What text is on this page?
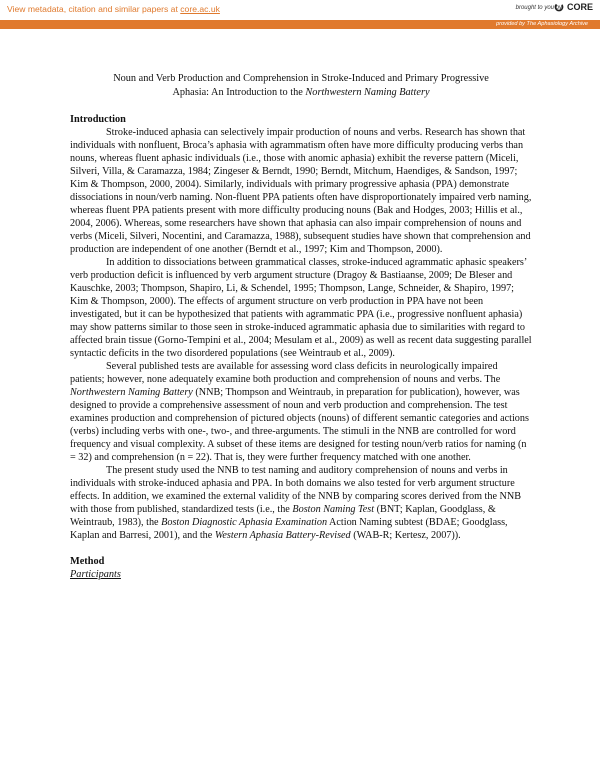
View metadata, citation and similar papers at core.ac.uk	brought to you by CORE
provided by The Aphasiology Archive
Noun and Verb Production and Comprehension in Stroke-Induced and Primary Progressive
Aphasia: An Introduction to the Northwestern Naming Battery
Introduction

Stroke-induced aphasia can selectively impair production of nouns and verbs. Research has shown that individuals with nonfluent, Broca’s aphasia with agrammatism often have more difficulty producing verbs than nouns, whereas fluent aphasic individuals (i.e., those with anomic aphasia) exhibit the reverse pattern (Miceli, Silveri, Villa, & Caramazza, 1984; Zingeser & Berndt, 1990; Berndt, Mitchum, Haendiges, & Sandson, 1997; Kim & Thompson, 2000, 2004). Similarly, individuals with primary progressive aphasia (PPA) demonstrate dissociations in noun/verb naming. Non-fluent PPA patients often have disproportionately impaired verb naming, whereas fluent PPA patients present with more difficulty producing nouns (Bak and Hodges, 2003; Hillis et al., 2004, 2006). Whereas, some researchers have shown that aphasia can also impair comprehension of nouns and verbs (Miceli, Silveri, Nocentini, and Caramazza, 1988), subsequent studies have shown that comprehension and production are independent of one another (Berndt et al., 1997; Kim and Thompson, 2000).

In addition to dissociations between grammatical classes, stroke-induced agrammatic aphasic speakers’ verb production deficit is influenced by verb argument structure (Dragoy & Bastiaanse, 2009; De Bleser and Kauschke, 2003; Thompson, Shapiro, Li, & Schendel, 1995; Thompson, Lange, Schneider, & Shapiro, 1997; Kim & Thompson, 2000). The effects of argument structure on verb production in PPA have not been investigated, but it can be hypothesized that patients with agrammatic PPA (i.e., progressive nonfluent aphasia) may show patterns similar to those seen in stroke-induced agrammatic aphasia due to similarities with regard to affected brain tissue (Gorno-Tempini et al., 2004; Mesulam et al., 2009) as well as recent data suggesting parallel syntactic deficits in the two disordered populations (see Weintraub et al., 2009).

Several published tests are available for assessing word class deficits in neurologically impaired patients; however, none adequately examine both production and comprehension of nouns and verbs. The Northwestern Naming Battery (NNB; Thompson and Weintraub, in preparation for publication), however, was designed to provide a comprehensive assessment of noun and verb production and comprehension. The test examines production and comprehension of pictured objects (nouns) of different semantic categories and actions (verbs) including verbs with one-, two-, and three-arguments. The stimuli in the NNB are controlled for word frequency and visual complexity. A subset of these items are designed for testing noun/verb ratios for naming (n = 32) and comprehension (n = 22). That is, they were further frequency matched with one another.

The present study used the NNB to test naming and auditory comprehension of nouns and verbs in individuals with stroke-induced aphasia and PPA. In both domains we also tested for verb argument structure effects. In addition, we examined the external validity of the NNB by comparing scores derived from the NNB with those from published, standardized tests (i.e., the Boston Naming Test (BNT; Kaplan, Goodglass, & Weintraub, 1983), the Boston Diagnostic Aphasia Examination Action Naming subtest (BDAE; Goodglass, Kaplan and Barresi, 2001), and the Western Aphasia Battery-Revised (WAB-R; Kertesz, 2007)).

Method
Participants
